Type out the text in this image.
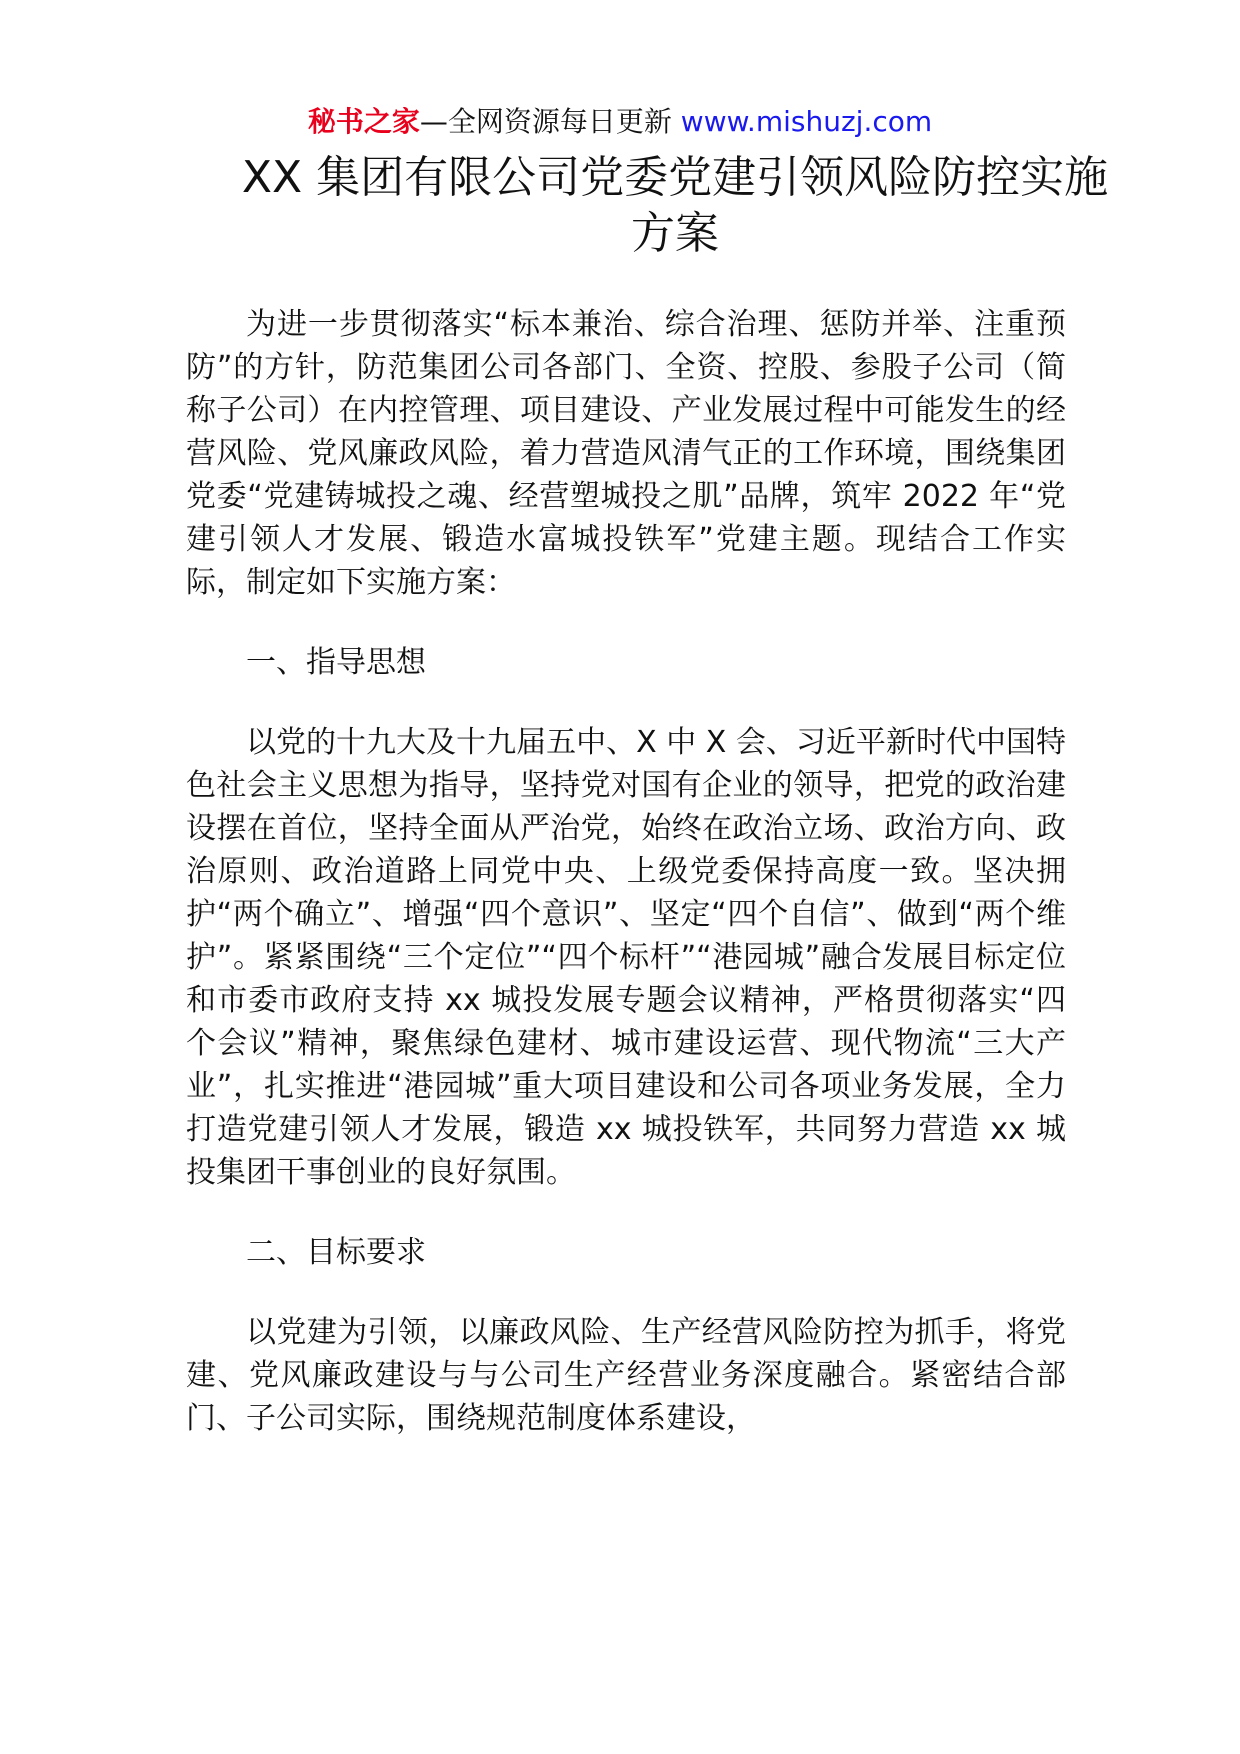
秘书之家—全网资源每日更新 www.mishuzj.com
XX 集团有限公司党委党建引领风险防控实施方案

为进一步贯彻落实“标本兼治、综合治理、惩防并举、注重预防”的方针，防范集团公司各部门、全资、控股、参股子公司（简称子公司）在内控管理、项目建设、产业发展过程中可能发生的经营风险、党风廉政风险，着力营造风清气正的工作环境，围绕集团党委“党建铸城投之魂、经营塑城投之肌”品牌，筑牢 2022 年“党建引领人才发展、锻造水富城投铁军”党建主题。现结合工作实际，制定如下实施方案：

一、指导思想

以党的十九大及十九届五中、X 中 X 会、习近平新时代中国特色社会主义思想为指导，坚持党对国有企业的领导，把党的政治建设摆在首位，坚持全面从严治党，始终在政治立场、政治方向、政治原则、政治道路上同党中央、上级党委保持高度一致。坚决拥护“两个确立”、增强“四个意识”、坚定“四个自信”、做到“两个维护”。紧紧围绕“三个定位”“四个标杆”“港园城”融合发展目标定位和市委市政府支持 xx 城投发展专题会议精神，严格贯彻落实“四个会议”精神，聚焦绿色建材、城市建设运营、现代物流“三大产业”，扎实推进“港园城”重大项目建设和公司各项业务发展，全力打造党建引领人才发展，锻造 xx 城投铁军，共同努力营造 xx 城投集团干事创业的良好氛围。

二、目标要求

以党建为引领，以廉政风险、生产经营风险防控为抓手，将党建、党风廉政建设与与公司生产经营业务深度融合。紧密结合部门、子公司实际，围绕规范制度体系建设，
